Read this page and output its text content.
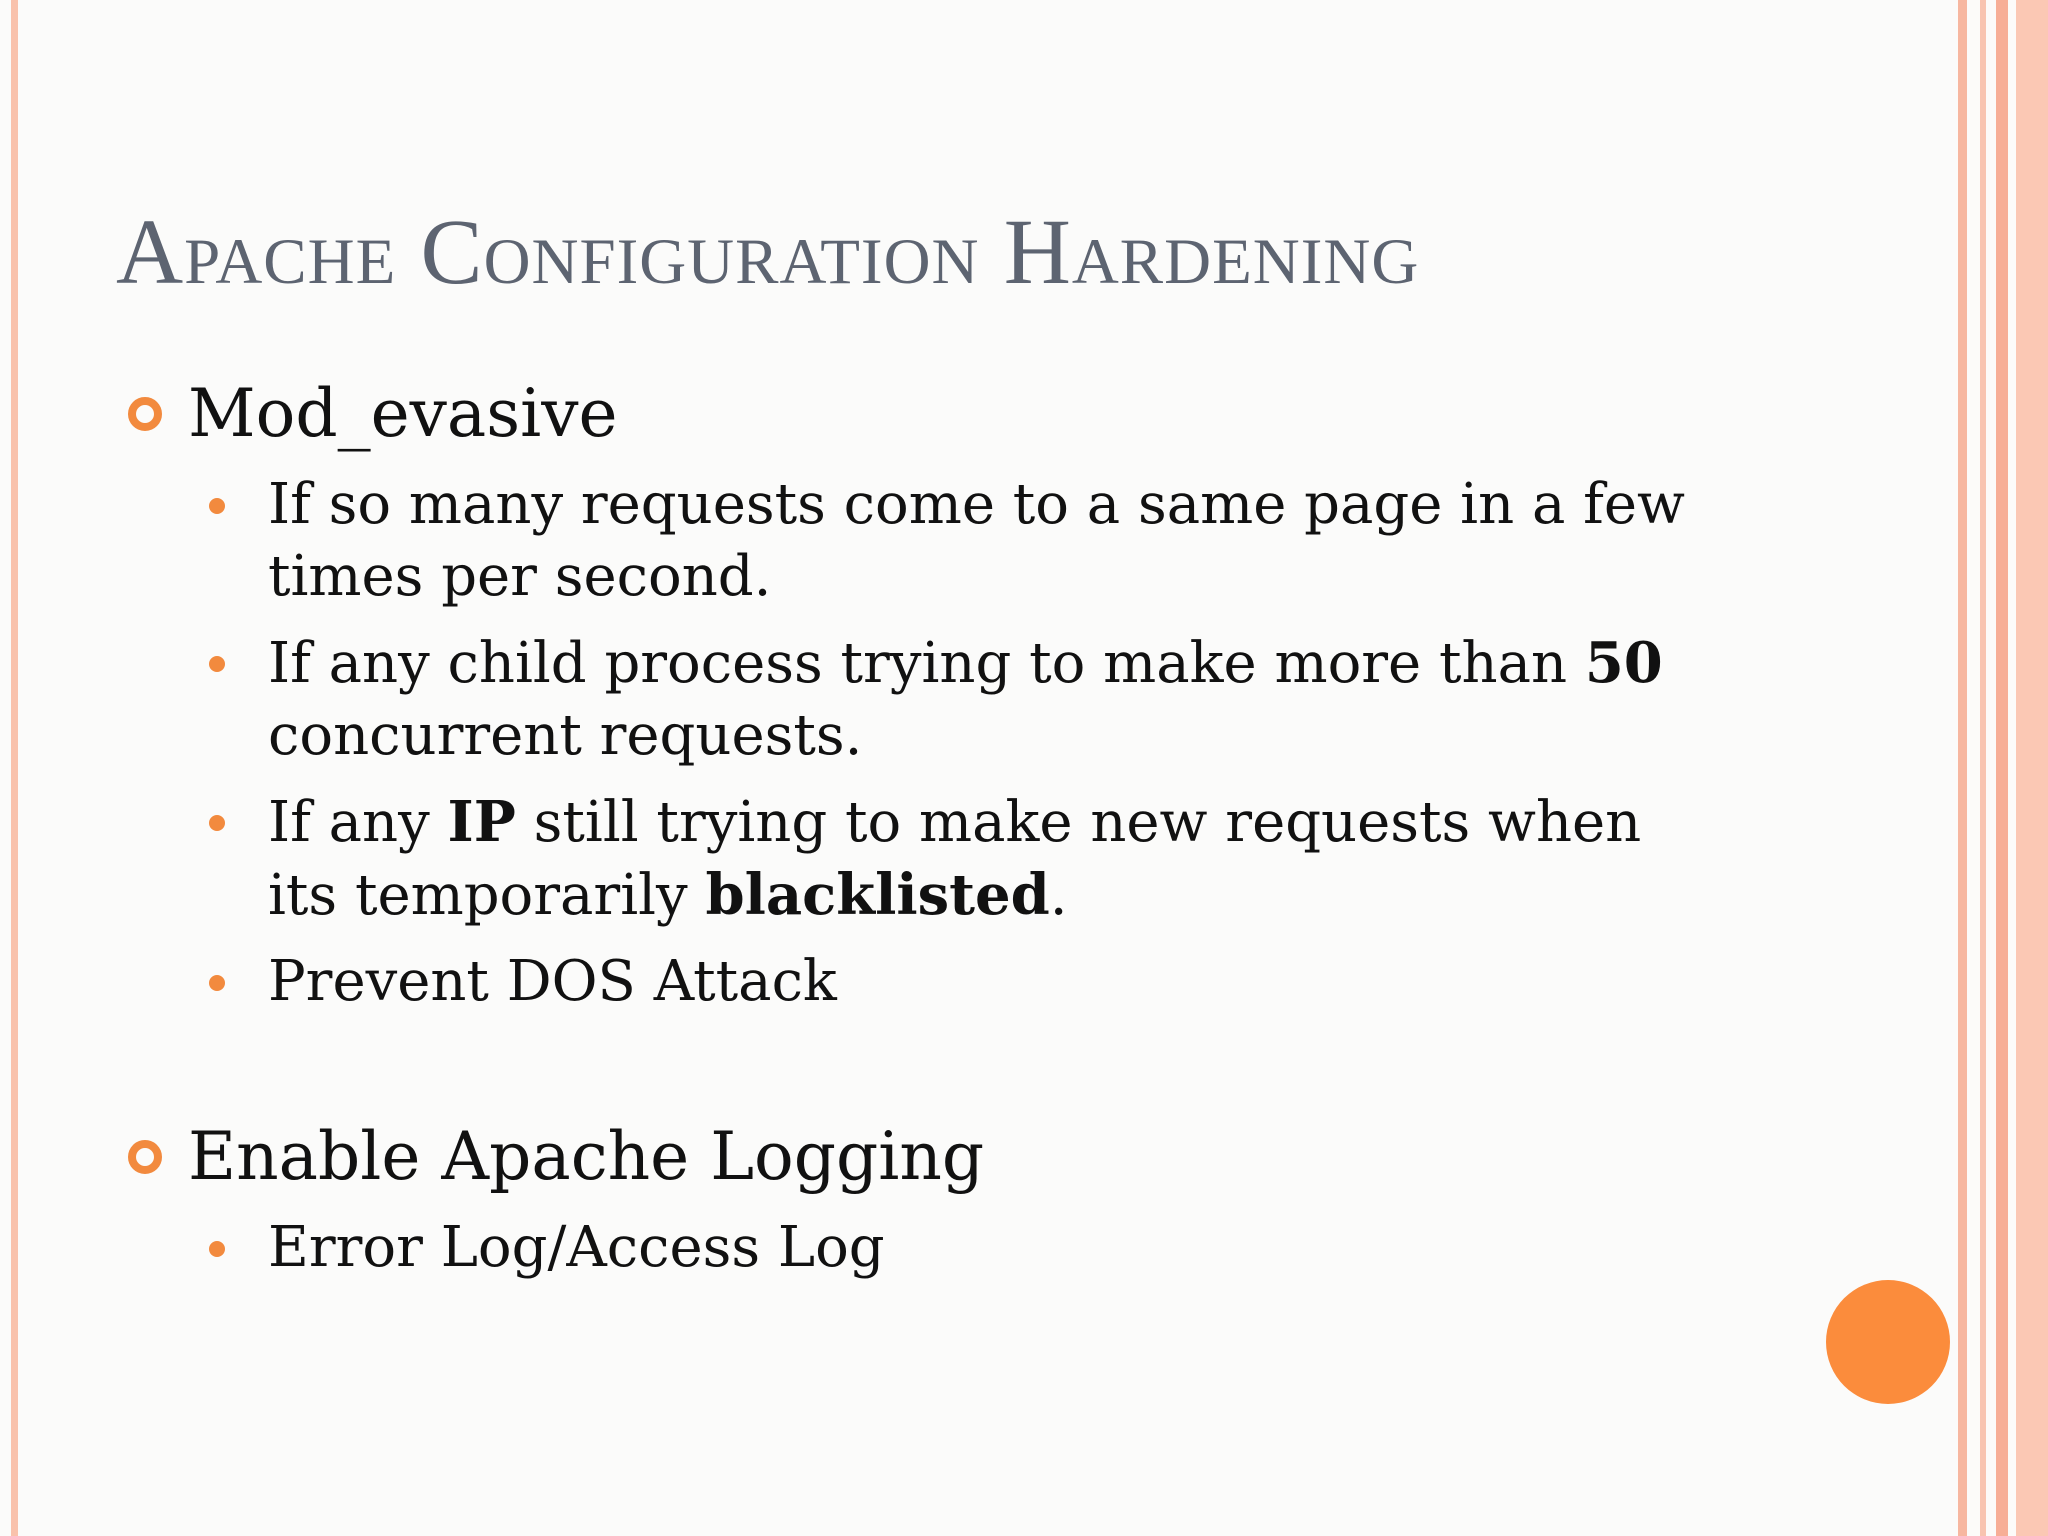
Apache Configuration Hardening
Mod_evasive
If so many requests come to a same page in a few times per second.
If any child process trying to make more than 50 concurrent requests.
If any IP still trying to make new requests when its temporarily blacklisted.
Prevent DOS Attack
Enable Apache Logging
Error Log/Access Log
